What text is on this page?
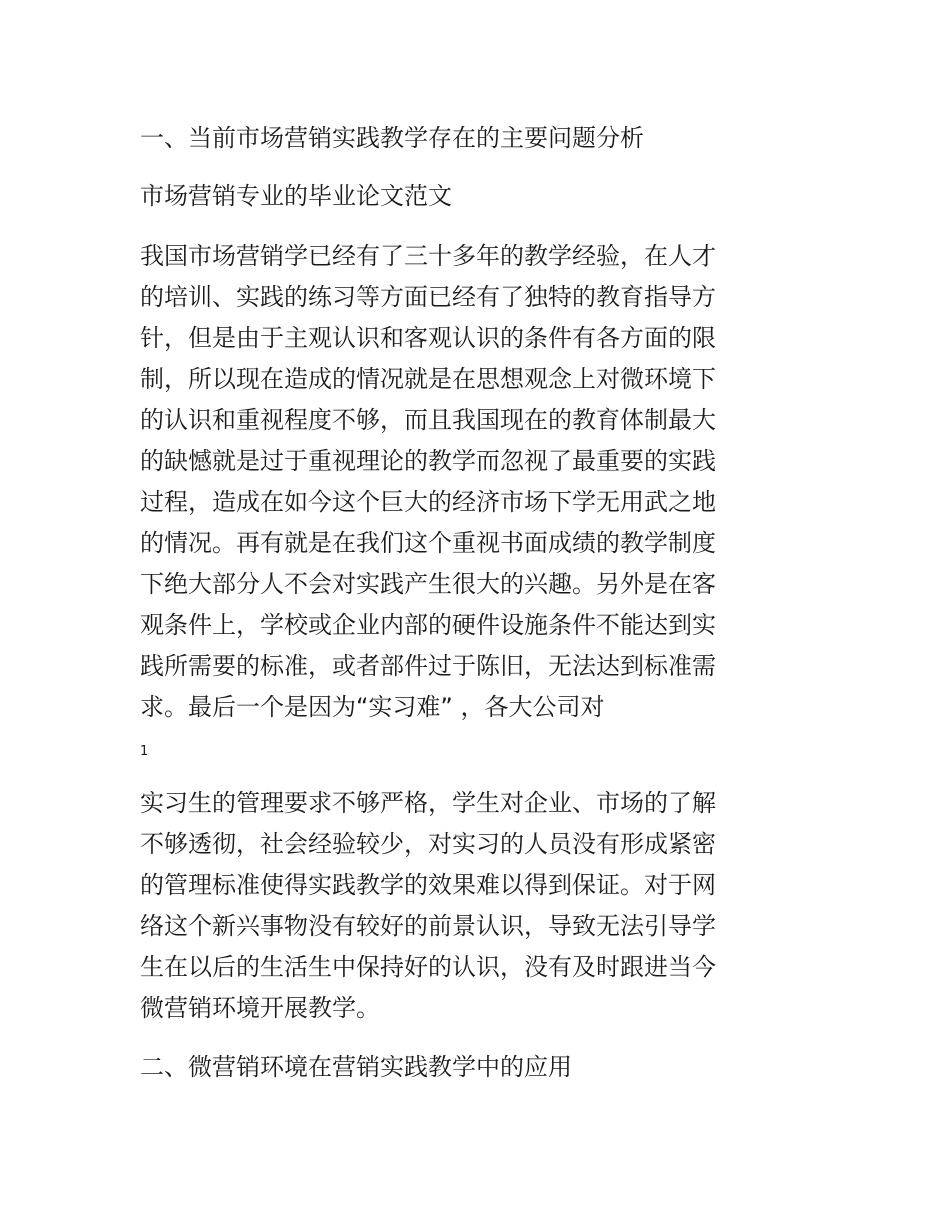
一、当前市场营销实践教学存在的主要问题分析
市场营销专业的毕业论文范文
我国市场营销学已经有了三十多年的教学经验，在人才
的培训、实践的练习等方面已经有了独特的教育指导方
针，但是由于主观认识和客观认识的条件有各方面的限
制，所以现在造成的情况就是在思想观念上对微环境下
的认识和重视程度不够，而且我国现在的教育体制最大
的缺憾就是过于重视理论的教学而忽视了最重要的实践
过程，造成在如今这个巨大的经济市场下学无用武之地
的情况。再有就是在我们这个重视书面成绩的教学制度
下绝大部分人不会对实践产生很大的兴趣。另外是在客
观条件上，学校或企业内部的硬件设施条件不能达到实
践所需要的标准，或者部件过于陈旧，无法达到标准需
求。最后一个是因为“实习难” ，各大公司对
1
实习生的管理要求不够严格，学生对企业、市场的了解
不够透彻，社会经验较少，对实习的人员没有形成紧密
的管理标准使得实践教学的效果难以得到保证。对于网
络这个新兴事物没有较好的前景认识，导致无法引导学
生在以后的生活生中保持好的认识，没有及时跟进当今
微营销环境开展教学。
二、微营销环境在营销实践教学中的应用
